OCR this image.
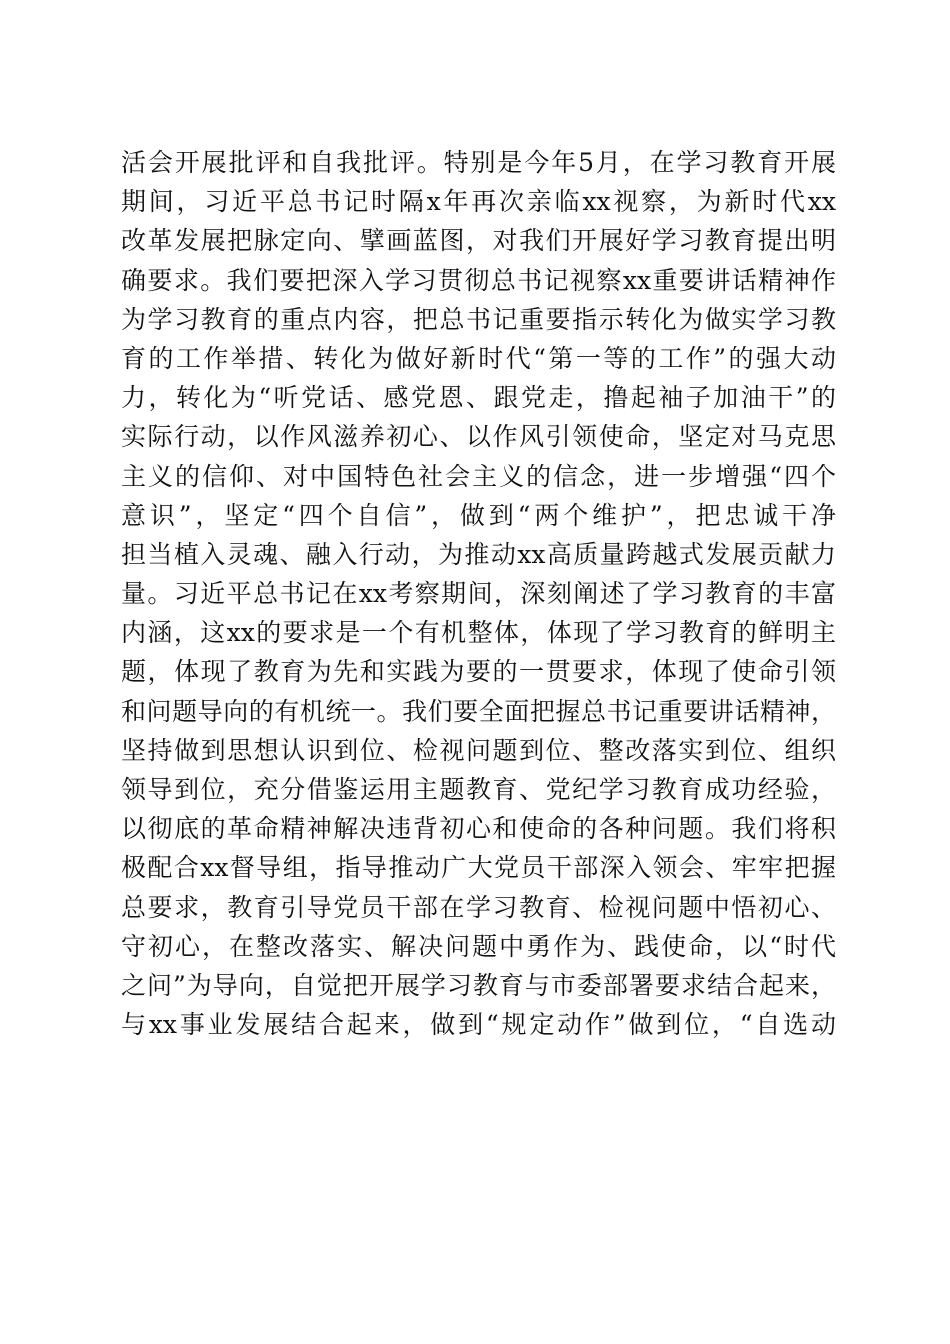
活会开展批评和自我批评。特别是今年5月，在学习教育开展
期间，习近平总书记时隔x年再次亲临xx视察，为新时代xx
改革发展把脉定向、擘画蓝图，对我们开展好学习教育提出明
确要求。我们要把深入学习贯彻总书记视察xx重要讲话精神作
为学习教育的重点内容，把总书记重要指示转化为做实学习教
育的工作举措、转化为做好新时代“第一等的工作”的强大动
力，转化为“听党话、感党恩、跟党走，撸起袖子加油干”的
实际行动，以作风滋养初心、以作风引领使命，坚定对马克思
主义的信仰、对中国特色社会主义的信念，进一步增强“四个
意识”，坚定“四个自信”，做到“两个维护”，把忠诚干净
担当植入灵魂、融入行动，为推动xx高质量跨越式发展贡献力
量。习近平总书记在xx考察期间，深刻阐述了学习教育的丰富
内涵，这xx的要求是一个有机整体，体现了学习教育的鲜明主
题，体现了教育为先和实践为要的一贯要求，体现了使命引领
和问题导向的有机统一。我们要全面把握总书记重要讲话精神，
坚持做到思想认识到位、检视问题到位、整改落实到位、组织
领导到位，充分借鉴运用主题教育、党纪学习教育成功经验，
以彻底的革命精神解决违背初心和使命的各种问题。我们将积
极配合xx督导组，指导推动广大党员干部深入领会、牢牢把握
总要求，教育引导党员干部在学习教育、检视问题中悟初心、
守初心，在整改落实、解决问题中勇作为、践使命，以“时代
之问”为导向，自觉把开展学习教育与市委部署要求结合起来，
与xx事业发展结合起来，做到“规定动作”做到位，“自选动
